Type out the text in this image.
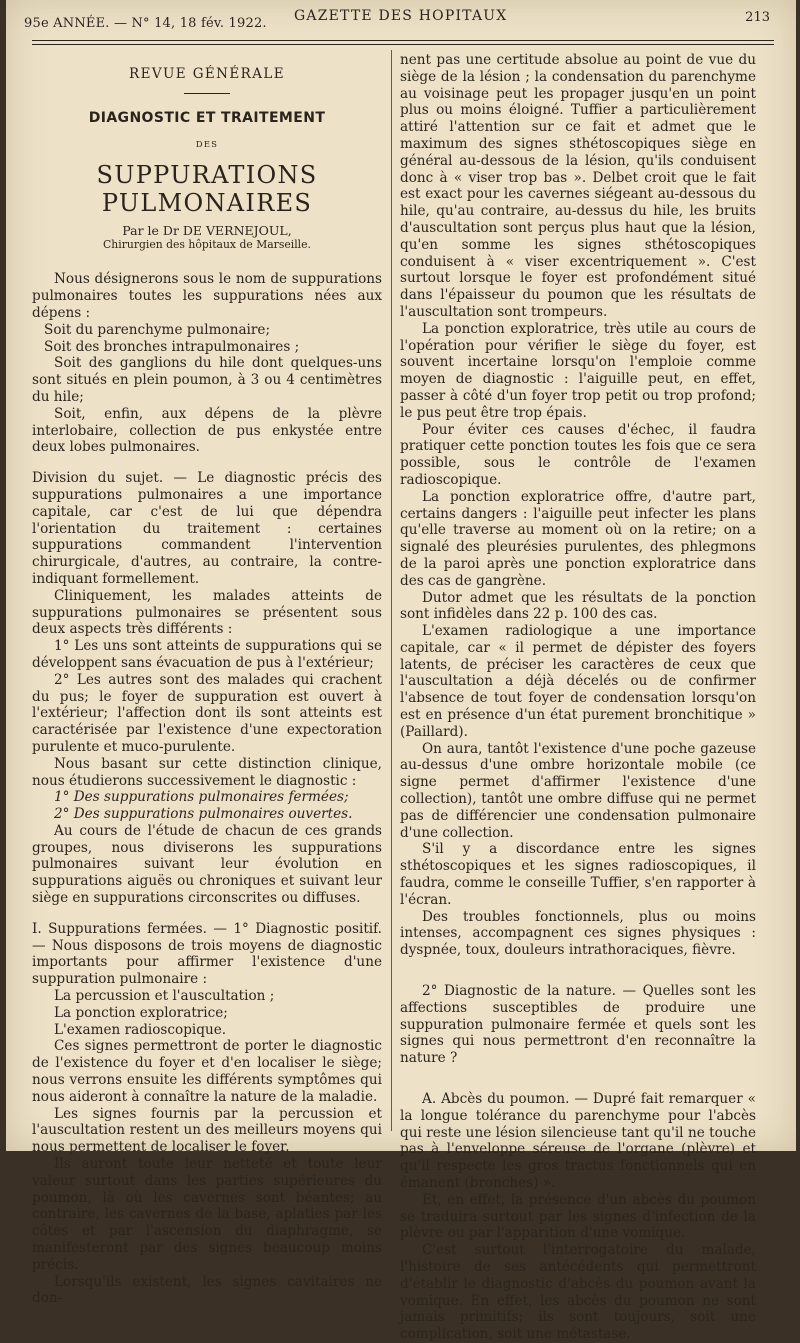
95e ANNÉE. — N° 14, 18 fév. 1922. GAZETTE DES HOPITAUX	213

REVUE GÉNÉRALE

DIAGNOSTIC ET TRAITEMENT

DES

SUPPURATIONS PULMONAIRES

Par le Dr DE VERNEJOUL,

Chirurgien des hôpitaux de Marseille.

Nous désignerons sous le nom de suppurations pulmonaires toutes les suppurations nées aux dépens :

Soit du parenchyme pulmonaire;

Soit des bronches intrapulmonaires ;

Soit des ganglions du hile dont quelques-uns sont situés en plein poumon, à 3 ou 4 centimètres du hile;

Soit, enfin, aux dépens de la plèvre interlobaire, collection de pus enkystée entre deux lobes pulmonaires.

Division du sujet. — Le diagnostic précis des suppurations pulmonaires a une importance capitale, car c'est de lui que dépendra l'orientation du traitement : certaines suppurations commandent l'intervention chirurgicale, d'autres, au contraire, la contre-indiquant formellement.

Cliniquement, les malades atteints de suppurations pulmonaires se présentent sous deux aspects très différents :

1° Les uns sont atteints de suppurations qui se développent sans évacuation de pus à l'extérieur;

2° Les autres sont des malades qui crachent du pus; le foyer de suppuration est ouvert à l'extérieur; l'affection dont ils sont atteints est caractérisée par l'existence d'une expectoration purulente et muco-purulente.

Nous basant sur cette distinction clinique, nous étudierons successivement le diagnostic :

1° Des suppurations pulmonaires fermées;

2° Des suppurations pulmonaires ouvertes.

Au cours de l'étude de chacun de ces grands groupes, nous diviserons les suppurations pulmonaires suivant leur évolution en suppurations aiguës ou chroniques et suivant leur siège en suppurations circonscrites ou diffuses.

I. Suppurations fermées. — 1° Diagnostic positif. — Nous disposons de trois moyens de diagnostic importants pour affirmer l'existence d'une suppuration pulmonaire :

La percussion et l'auscultation ;

La ponction exploratrice;

L'examen radioscopique.

Ces signes permettront de porter le diagnostic de l'existence du foyer et d'en localiser le siège; nous verrons ensuite les différents symptômes qui nous aideront à connaître la nature de la maladie.

Les signes fournis par la percussion et l'auscultation restent un des meilleurs moyens qui nous permettent de localiser le foyer.

Ils auront toute leur netteté et toute leur valeur surtout dans les parties supérieures du poumon, là où les cavernes sont béantes; au contraire, les cavernes de la base, aplaties par les côtes et par l'ascension du diaphragme, se manifesteront par des signes beaucoup moins précis.

Lorsqu'ils existent, les signes cavitaires ne don-

nent pas une certitude absolue au point de vue du siège de la lésion ; la condensation du parenchyme au voisinage peut les propager jusqu'en un point plus ou moins éloigné. Tuffier a particulièrement attiré l'attention sur ce fait et admet que le maximum des signes sthétoscopiques siège en général au-dessous de la lésion, qu'ils conduisent donc à « viser trop bas ». Delbet croit que le fait est exact pour les cavernes siégeant au-dessous du hile, qu'au contraire, au-dessus du hile, les bruits d'auscultation sont perçus plus haut que la lésion, qu'en somme les signes sthétoscopiques conduisent à « viser excentriquement ». C'est surtout lorsque le foyer est profondément situé dans l'épaisseur du poumon que les résultats de l'auscultation sont trompeurs.

La ponction exploratrice, très utile au cours de l'opération pour vérifier le siège du foyer, est souvent incertaine lorsqu'on l'emploie comme moyen de diagnostic : l'aiguille peut, en effet, passer à côté d'un foyer trop petit ou trop profond; le pus peut être trop épais.

Pour éviter ces causes d'échec, il faudra pratiquer cette ponction toutes les fois que ce sera possible, sous le contrôle de l'examen radioscopique.

La ponction exploratrice offre, d'autre part, certains dangers : l'aiguille peut infecter les plans qu'elle traverse au moment où on la retire; on a signalé des pleurésies purulentes, des phlegmons de la paroi après une ponction exploratrice dans des cas de gangrène.

Dutor admet que les résultats de la ponction sont infidèles dans 22 p. 100 des cas.

L'examen radiologique a une importance capitale, car « il permet de dépister des foyers latents, de préciser les caractères de ceux que l'auscultation a déjà décelés ou de confirmer l'absence de tout foyer de condensation lorsqu'on est en présence d'un état purement bronchitique » (Paillard).

On aura, tantôt l'existence d'une poche gazeuse au-dessus d'une ombre horizontale mobile (ce signe permet d'affirmer l'existence d'une collection), tantôt une ombre diffuse qui ne permet pas de différencier une condensation pulmonaire d'une collection.

S'il y a discordance entre les signes sthétoscopiques et les signes radioscopiques, il faudra, comme le conseille Tuffier, s'en rapporter à l'écran.

Des troubles fonctionnels, plus ou moins intenses, accompagnent ces signes physiques : dyspnée, toux, douleurs intrathoraciques, fièvre.

2° Diagnostic de la nature. — Quelles sont les affections susceptibles de produire une suppuration pulmonaire fermée et quels sont les signes qui nous permettront d'en reconnaître la nature ?

A. Abcès du poumon. — Dupré fait remarquer « la longue tolérance du parenchyme pour l'abcès qui reste une lésion silencieuse tant qu'il ne touche pas à l'enveloppe séreuse de l'organe (plèvre) et qu'il respecte les gros tractus fonctionnels qui en émanent (bronches) ».

Et, en effet, la présence d'un abcès du poumon se traduira surtout par les signes d'infection de la plèvre ou par l'apparition d'une vomique.

C'est surtout l'interrogatoire du malade, l'histoire de ses antécédents qui permettront d'établir le diagnostic d'abcès du poumon avant la vomique. En effet, les abcès du poumon ne sont jamais primitifs; ils sont toujours, soit une complication, soit une métastase.
